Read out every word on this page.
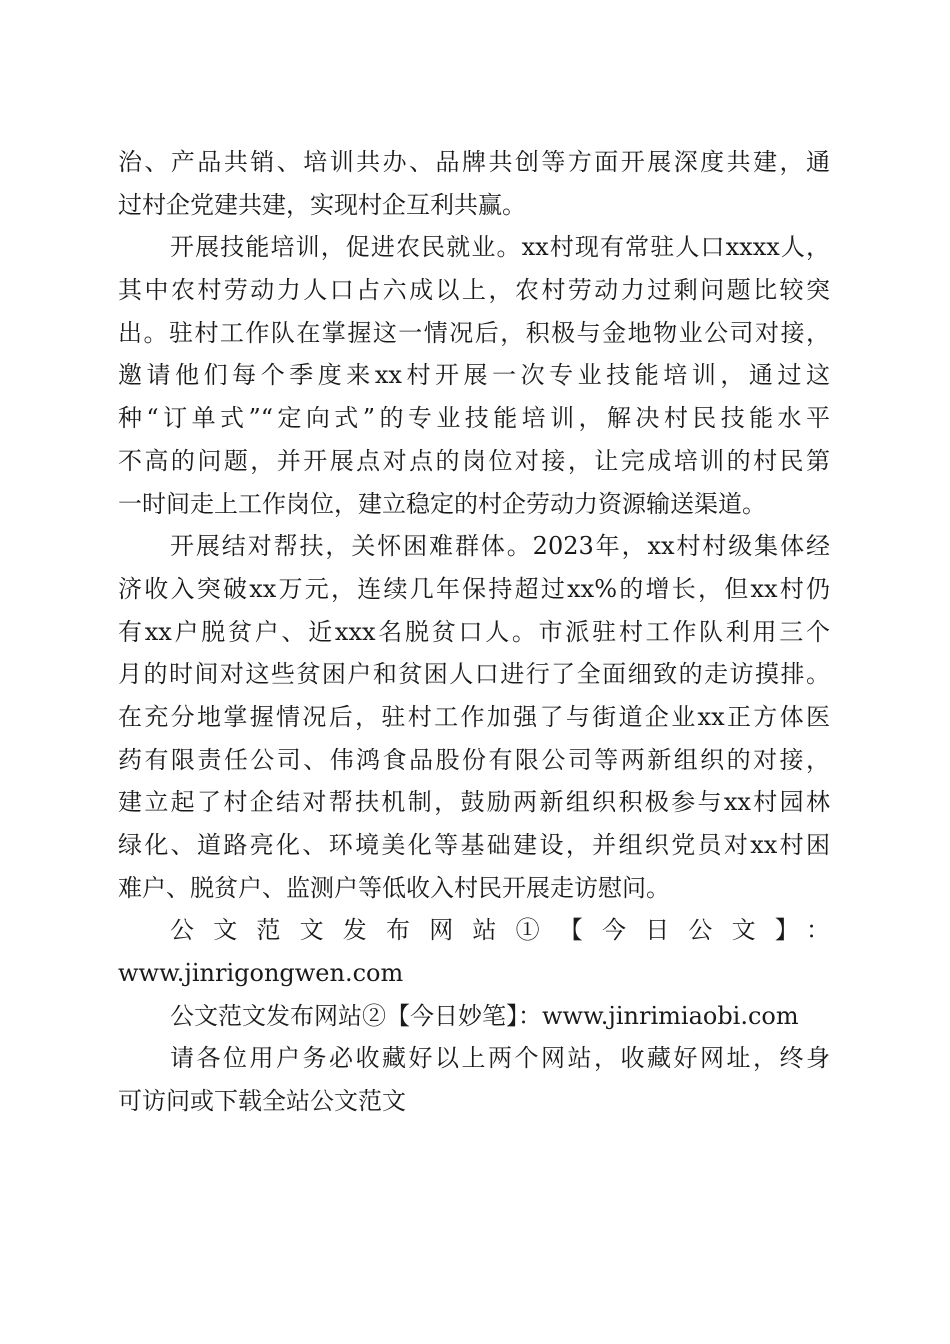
治、产品共销、培训共办、品牌共创等方面开展深度共建，通
过村企党建共建，实现村企互利共赢。
开展技能培训，促进农民就业。xx村现有常驻人口xxxx人，
其中农村劳动力人口占六成以上，农村劳动力过剩问题比较突
出。驻村工作队在掌握这一情况后，积极与金地物业公司对接，
邀请他们每个季度来xx村开展一次专业技能培训，通过这
种“订单式”“定向式”的专业技能培训，解决村民技能水平
不高的问题，并开展点对点的岗位对接，让完成培训的村民第
一时间走上工作岗位，建立稳定的村企劳动力资源输送渠道。
开展结对帮扶，关怀困难群体。2023年，xx村村级集体经
济收入突破xx万元，连续几年保持超过xx%的增长，但xx村仍
有xx户脱贫户、近xxx名脱贫口人。市派驻村工作队利用三个
月的时间对这些贫困户和贫困人口进行了全面细致的走访摸排。
在充分地掌握情况后，驻村工作加强了与街道企业xx正方体医
药有限责任公司、伟鸿食品股份有限公司等两新组织的对接，
建立起了村企结对帮扶机制，鼓励两新组织积极参与xx村园林
绿化、道路亮化、环境美化等基础建设，并组织党员对xx村困
难户、脱贫户、监测户等低收入村民开展走访慰问。
公文范文发布网站①【今日公文】：
www.jinrigongwen.com
公文范文发布网站②【今日妙笔】：www.jinrimiaobi.com
请各位用户务必收藏好以上两个网站，收藏好网址，终身
可访问或下载全站公文范文
